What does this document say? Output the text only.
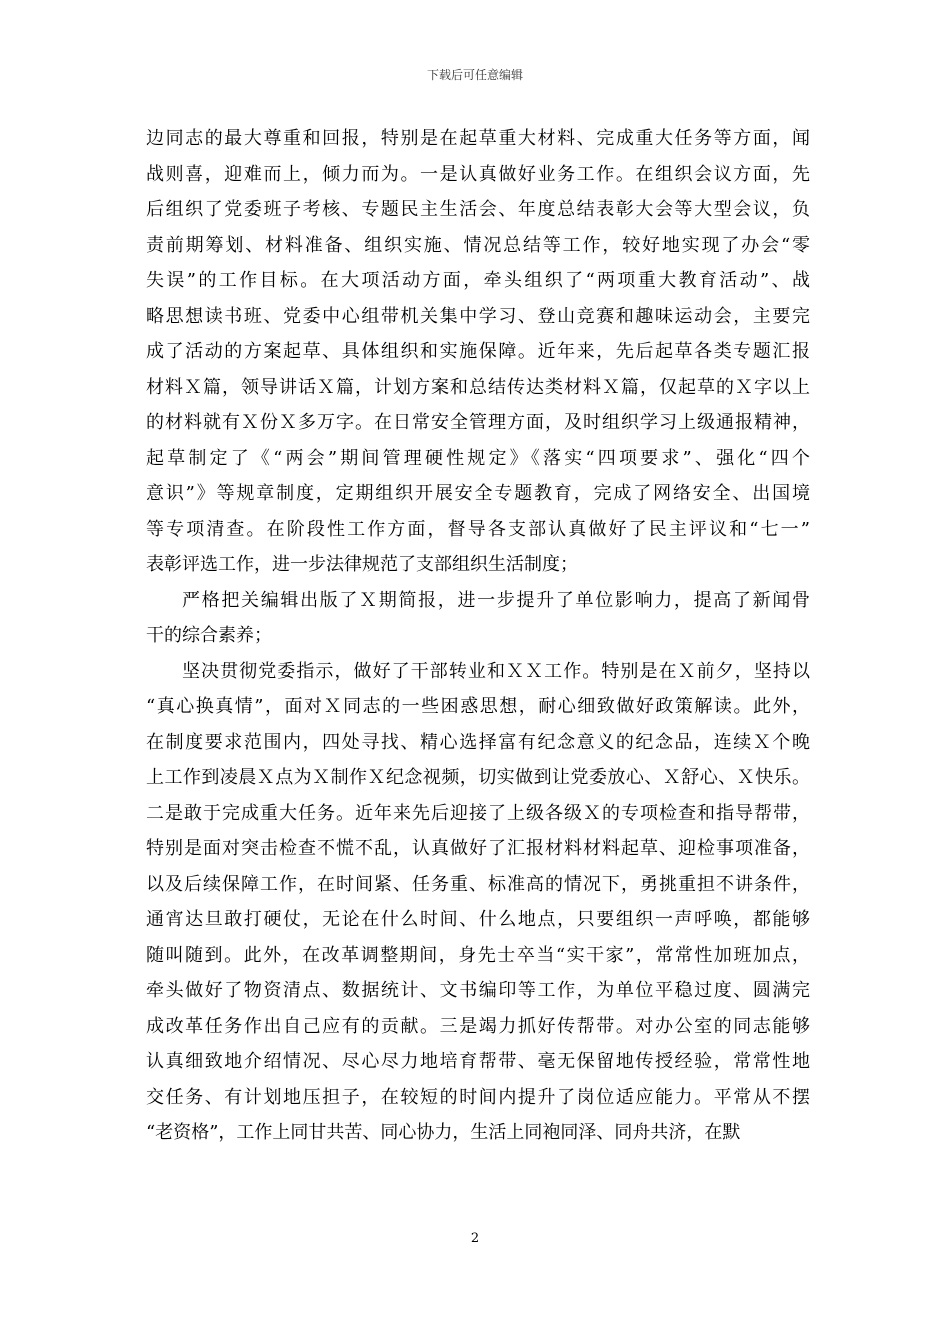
下载后可任意编辑
边同志的最大尊重和回报，特别是在起草重大材料、完成重大任务等方面，闻
战则喜，迎难而上，倾力而为。一是认真做好业务工作。在组织会议方面，先
后组织了党委班子考核、专题民主生活会、年度总结表彰大会等大型会议，负
责前期筹划、材料准备、组织实施、情况总结等工作，较好地实现了办会“零
失误”的工作目标。在大项活动方面，牵头组织了“两项重大教育活动”、战
略思想读书班、党委中心组带机关集中学习、登山竞赛和趣味运动会，主要完
成了活动的方案起草、具体组织和实施保障。近年来，先后起草各类专题汇报
材料Ｘ篇，领导讲话Ｘ篇，计划方案和总结传达类材料Ｘ篇，仅起草的Ｘ字以上
的材料就有Ｘ份Ｘ多万字。在日常安全管理方面，及时组织学习上级通报精神，
起草制定了《“两会”期间管理硬性规定》《落实“四项要求”、强化“四个
意识”》等规章制度，定期组织开展安全专题教育，完成了网络安全、出国境
等专项清查。在阶段性工作方面，督导各支部认真做好了民主评议和“七一”
表彰评选工作，进一步法律规范了支部组织生活制度；
严格把关编辑出版了Ｘ期简报，进一步提升了单位影响力，提高了新闻骨
干的综合素养；
坚决贯彻党委指示，做好了干部转业和ＸＸ工作。特别是在Ｘ前夕，坚持以
“真心换真情”，面对Ｘ同志的一些困惑思想，耐心细致做好政策解读。此外，
在制度要求范围内，四处寻找、精心选择富有纪念意义的纪念品，连续Ｘ个晚
上工作到凌晨Ｘ点为Ｘ制作Ｘ纪念视频，切实做到让党委放心、Ｘ舒心、Ｘ快乐。
二是敢于完成重大任务。近年来先后迎接了上级各级Ｘ的专项检查和指导帮带，
特别是面对突击检查不慌不乱，认真做好了汇报材料材料起草、迎检事项准备，
以及后续保障工作，在时间紧、任务重、标准高的情况下，勇挑重担不讲条件，
通宵达旦敢打硬仗，无论在什么时间、什么地点，只要组织一声呼唤，都能够
随叫随到。此外，在改革调整期间，身先士卒当“实干家”，常常性加班加点，
牵头做好了物资清点、数据统计、文书编印等工作，为单位平稳过度、圆满完
成改革任务作出自己应有的贡献。三是竭力抓好传帮带。对办公室的同志能够
认真细致地介绍情况、尽心尽力地培育帮带、毫无保留地传授经验，常常性地
交任务、有计划地压担子，在较短的时间内提升了岗位适应能力。平常从不摆
“老资格”，工作上同甘共苦、同心协力，生活上同袍同泽、同舟共济，在默
2
